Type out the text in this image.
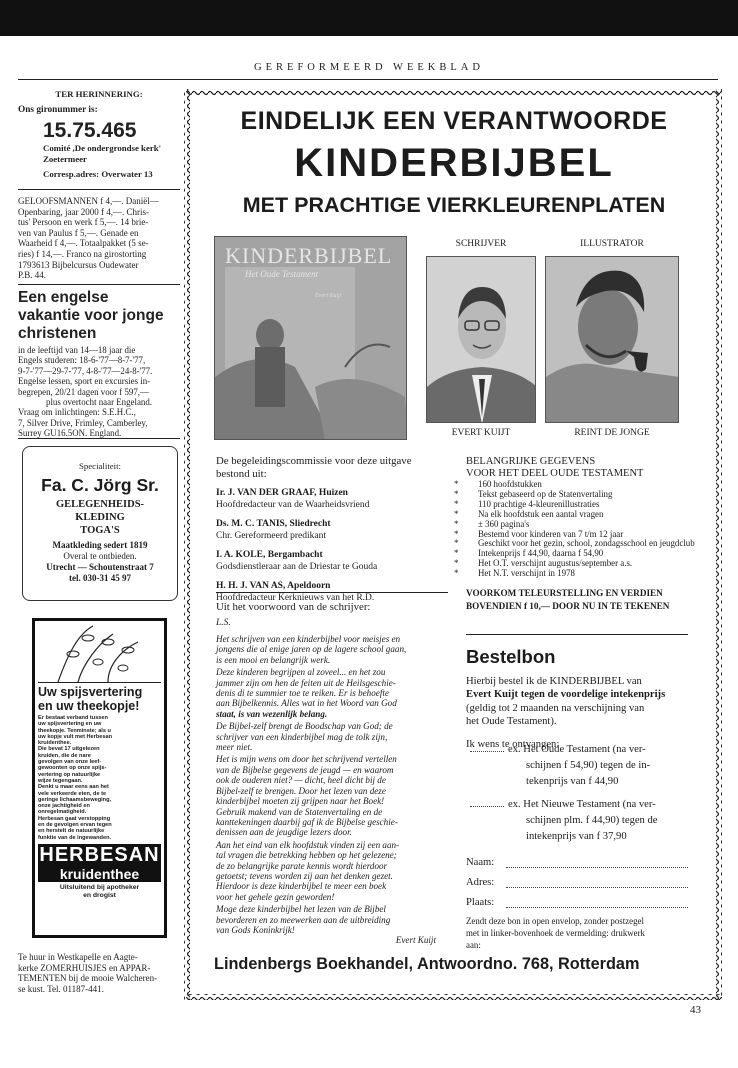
GEREFORMEERD WEEKBLAD
TER HERINNERING:
Ons gironummer is:
15.75.465
Comité ,De ondergrondse kerk'
Zoetermeer
Corresp.adres: Overwater 13
GELOOFSMANNEN f 4,—. Daniël—
Openbaring, jaar 2000 f 4,—. Chris-
tus' Persoon en werk f 5,—. 14 brie-
ven van Paulus f 5,—. Genade en
Waarheid f 4,—. Totaalpakket (5 se-
ries) f 14,—. Franco na girostorting
1793613 Bijbelcursus Oudewater
P.B. 44.
Een engelse
vakantie voor jonge
christenen
in de leeftijd van 14—18 jaar die
Engels studeren: 18-6-'77—8-7-'77,
9-7-'77—29-7-'77, 4-8-'77—24-8-'77.
Engelse lessen, sport en excursies in-
begrepen, 20/21 dagen voor f 597,—
plus overtocht naar Engeland.
Vraag om inlichtingen: S.E.H.C.,
7, Silver Drive, Frimley, Camberley,
Surrey GU16.5ON. England.
Specialiteit:
Fa. C. Jörg Sr.
GELEGENHEIDS-
KLEDING
TOGA'S
Maatkleding sedert 1819
Overal te ontbieden.
Utrecht — Schoutenstraat 7
tel. 030-31 45 97
Uw spijsvertering
en uw theekopje!
Er bestaat verband tussen
uw spijsvertering en uw
theekopje. Tenminste; als u
uw kopje vult met Herbesan
kruidenthee.
Die bevat 17 uitgelezen
kruiden, die de nare
gevolgen van onze leef-
gewoonten op onze spijs-
vertering op natuurlijke
wijze tegengaan.
Denkt u maar eens aan het
vele verkeerde eten, de te
geringe lichaamsbeweging,
onze jachtigheid en
onregelmatigheid.
Herbesan gaat verstopping
en de gevolgen ervan tegen
en herstelt de natuurlijke
funktie van de ingewanden.
HERBESAN
kruidenthee
Uitsluitend bij apotheker
en drogist
Te huur in Westkapelle en Aagte-
kerke ZOMERHUISJES en APPAR-
TEMENTEN bij de mooie Walcheren-
se kust. Tel. 01187-441.
EINDELIJK EEN VERANTWOORDE
KINDERBIJBEL
MET PRACHTIGE VIERKLEURENPLATEN
KINDERBIJBEL
Het Oude Testament
Evert Kuijt
SCHRIJVER	ILLUSTRATOR
EVERT KUIJT	REINT DE JONGE
De begeleidingscommissie voor deze uitgave
bestond uit:
Ir. J. VAN DER GRAAF, Huizen
Hoofdredacteur van de Waarheidsvriend
Ds. M. C. TANIS, Sliedrecht
Chr. Gereformeerd predikant
I. A. KOLE, Bergambacht
Godsdienstleraar aan de Driestar te Gouda
H. H. J. VAN AS, Apeldoorn
Hoofdredacteur Kerknieuws van het R.D.
BELANGRIJKE GEGEVENS
VOOR HET DEEL OUDE TESTAMENT
* 160 hoofdstukken
* Tekst gebaseerd op de Statenvertaling
* 110 prachtige 4-kleurenillustraties
* Na elk hoofdstuk een aantal vragen
* ± 360 pagina's
* Bestemd voor kinderen van 7 t/m 12 jaar
* Geschikt voor het gezin, school, zondagsschool en jeugdclub
* Intekenprijs f 44,90, daarna f 54,90
* Het O.T. verschijnt augustus/september a.s.
* Het N.T. verschijnt in 1978
VOORKOM TELEURSTELLING EN VERDIEN
BOVENDIEN f 10,— DOOR NU IN TE TEKENEN
Uit het voorwoord van de schrijver:
L.S.
Het schrijven van een kinderbijbel voor meisjes en
jongens die al enige jaren op de lagere school gaan,
is een mooi en belangrijk werk.
Deze kinderen begrijpen al zoveel... en het zou
jammer zijn om hen de feiten uit de Heilsgeschie-
denis di te summier toe te reiken. Er is behoefte
aan Bijbelkennis. Alles wat in het Woord van God
staat, is van wezenlijk belang.
De Bijbel-zelf brengt de Boodschap van God; de
schrijver van een kinderbijbel mag de tolk zijn,
meer niet.
Het is mijn wens om door het schrijvend vertellen
van de Bijbelse gegevens de jeugd — en waarom
ook de ouderen niet? — dicht, heel dicht bij de
Bijbel-zelf te brengen. Door het lezen van deze
kinderbijbel moeten zij grijpen naar het Boek!
Gebruik makend van de Statenvertaling en de
kanttekeningen daarbij gaf ik de Bijbelse geschie-
denissen aan de jeugdige lezers door.
Aan het eind van elk hoofdstuk vinden zij een aan-
tal vragen die betrekking hebben op het gelezene;
de zo belangrijke parate kennis wordt hierdoor
getoetst; tevens worden zij aan het denken gezet.
Hierdoor is deze kinderbijbel te meer een boek
voor het gehele gezin geworden!
Moge deze kinderbijbel het lezen van de Bijbel
bevorderen en zo meewerken aan de uitbreiding
van Gods Koninkrijk!
Evert Kuijt
Bestelbon
Hierbij bestel ik de KINDERBIJBEL van
Evert Kuijt tegen de voordelige intekenprijs
(geldig tot 2 maanden na verschijning van
het Oude Testament).
Ik wens te ontvangen:
ex. Het Oude Testament (na ver-
schijnen f 54,90) tegen de in-
tekenprijs van f 44,90
ex. Het Nieuwe Testament (na ver-
schijnen plm. f 44,90) tegen de
intekenprijs van f 37,90
Naam:
Adres:
Plaats:
Zendt deze bon in open envelop, zonder postzegel
met in linker-bovenhoek de vermelding: drukwerk
aan:
Lindenbergs Boekhandel, Antwoordno. 768, Rotterdam
43
